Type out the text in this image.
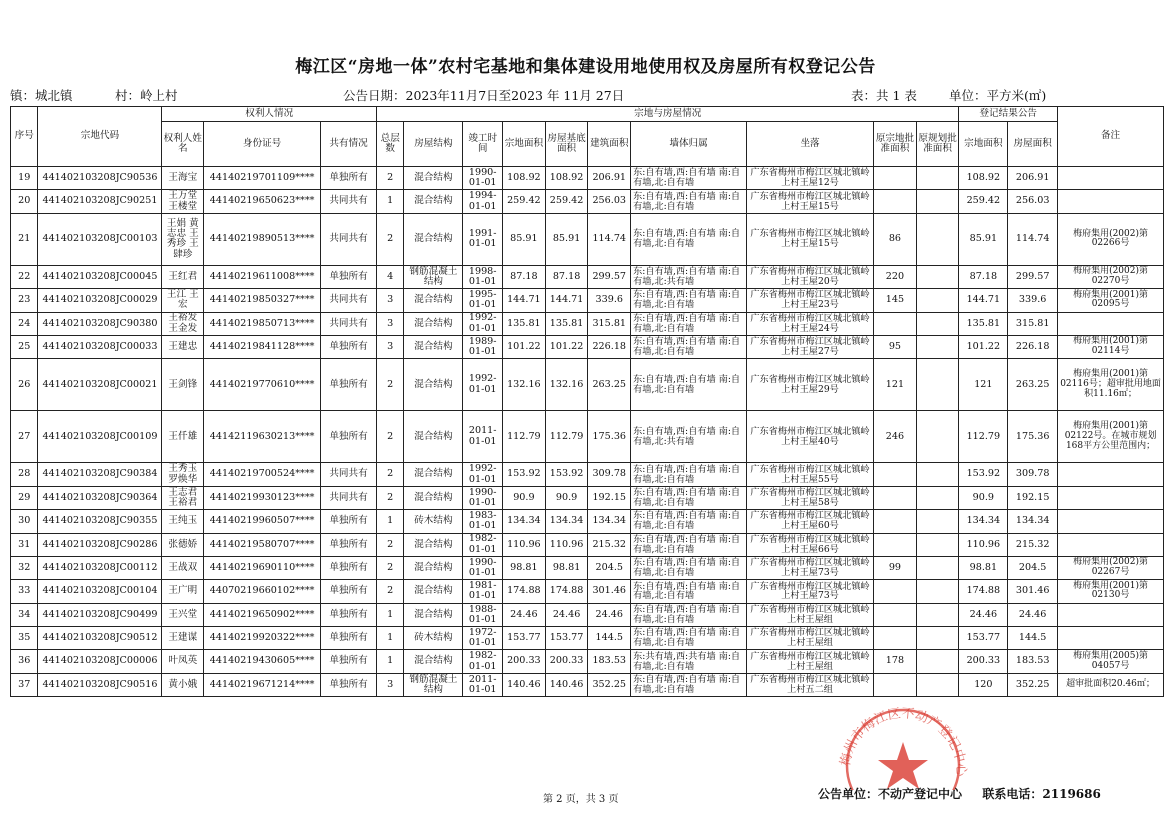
梅江区“房地一体”农村宅基地和集体建设用地使用权及房屋所有权登记公告
镇：城北镇	村：岭上村	公告日期：2023年11月7日至2023 年 11月 27日	表：共 1 表	单位：平方米(㎡)
序号	宗地代码	权利人情况			宗地与房屋情况										登记结果公告		备注
		权利人姓名	身份证号	共有情况	总层数	房屋结构	竣工时间	宗地面积	房屋基底面积	建筑面积	墙体归属	坐落	原宗地批准面积	原规划批准面积	宗地面积	房屋面积	
19	441402103208JC90536	王海宝	44140219701109****	单独所有	2	混合结构	1990-01-01	108.92	108.92	206.91	东:自有墙,西:自有墙 南:自有墙,北:自有墙	广东省梅州市梅江区城北镇岭上村王屋12号			108.92	206.91	
20	441402103208JC90251	王万堂 王楼堂	44140219650623****	共同共有	1	混合结构	1994-01-01	259.42	259.42	256.03	东:自有墙,西:自有墙 南:自有墙,北:自有墙	广东省梅州市梅江区城北镇岭上村王屋15号			259.42	256.03	
21	441402103208JC00103	王娟 黄志忠 王秀珍 王肆珍	44140219890513****	共同共有	2	混合结构	1991-01-01	85.91	85.91	114.74	东:自有墙,西:自有墙 南:自有墙,北:自有墙	广东省梅州市梅江区城北镇岭上村王屋15号	86		85.91	114.74	梅府集用(2002)第02266号
22	441402103208JC00045	王红君	44140219611008****	单独所有	4	钢筋混凝土结构	1998-01-01	87.18	87.18	299.57	东:自有墙,西:自有墙 南:自有墙,北:共有墙	广东省梅州市梅江区城北镇岭上村王屋20号	220		87.18	299.57	梅府集用(2002)第02270号
23	441402103208JC00029	王江 王宏	44140219850327****	共同共有	3	混合结构	1995-01-01	144.71	144.71	339.6	东:自有墙,西:自有墙 南:自有墙,北:自有墙	广东省梅州市梅江区城北镇岭上村王屋23号	145		144.71	339.6	梅府集用(2001)第02095号
24	441402103208JC90380	王裕发 王金发	44140219850713****	共同共有	3	混合结构	1992-01-01	135.81	135.81	315.81	东:自有墙,西:自有墙 南:自有墙,北:自有墙	广东省梅州市梅江区城北镇岭上村王屋24号			135.81	315.81	
25	441402103208JC00033	王建忠	44140219841128****	单独所有	3	混合结构	1989-01-01	101.22	101.22	226.18	东:自有墙,西:自有墙 南:自有墙,北:自有墙	广东省梅州市梅江区城北镇岭上村王屋27号	95		101.22	226.18	梅府集用(2001)第02114号
26	441402103208JC00021	王剑锋	44140219770610****	单独所有	2	混合结构	1992-01-01	132.16	132.16	263.25	东:自有墙,西:自有墙 南:自有墙,北:自有墙	广东省梅州市梅江区城北镇岭上村王屋29号	121		121	263.25	梅府集用(2001)第02116号；超审批用地面积11.16㎡；
27	441402103208JC00109	王仟雄	44142119630213****	单独所有	2	混合结构	2011-01-01	112.79	112.79	175.36	东:自有墙,西:自有墙 南:自有墙,北:共有墙	广东省梅州市梅江区城北镇岭上村王屋40号	246		112.79	175.36	梅府集用(2001)第02122号。在城市规划168平方公里范围内；
28	441402103208JC90384	王秀玉 罗焕华	44140219700524****	共同共有	2	混合结构	1992-01-01	153.92	153.92	309.78	东:自有墙,西:自有墙 南:自有墙,北:自有墙	广东省梅州市梅江区城北镇岭上村王屋55号			153.92	309.78	
29	441402103208JC90364	王志君 王裕君	44140219930123****	共同共有	2	混合结构	1990-01-01	90.9	90.9	192.15	东:自有墙,西:自有墙 南:自有墙,北:自有墙	广东省梅州市梅江区城北镇岭上村王屋58号			90.9	192.15	
30	441402103208JC90355	王纯玉	44140219960507****	单独所有	1	砖木结构	1983-01-01	134.34	134.34	134.34	东:自有墙,西:自有墙 南:自有墙,北:自有墙	广东省梅州市梅江区城北镇岭上村王屋60号			134.34	134.34	
31	441402103208JC90286	张德娇	44140219580707****	单独所有	2	混合结构	1982-01-01	110.96	110.96	215.32	东:自有墙,西:自有墙 南:自有墙,北:自有墙	广东省梅州市梅江区城北镇岭上村王屋66号			110.96	215.32	
32	441402103208JC00112	王战双	44140219690110****	单独所有	2	混合结构	1990-01-01	98.81	98.81	204.5	东:自有墙,西:自有墙 南:自有墙,北:自有墙	广东省梅州市梅江区城北镇岭上村王屋73号	99		98.81	204.5	梅府集用(2002)第02267号
33	441402103208JC00104	王广明	44070219660102****	单独所有	2	混合结构	1981-01-01	174.88	174.88	301.46	东:自有墙,西:自有墙 南:自有墙,北:自有墙	广东省梅州市梅江区城北镇岭上村王屋73号			174.88	301.46	梅府集用(2001)第02130号
34	441402103208JC90499	王兴堂	44140219650902****	单独所有	1	混合结构	1988-01-01	24.46	24.46	24.46	东:自有墙,西:自有墙 南:自有墙,北:自有墙	广东省梅州市梅江区城北镇岭上村王屋组			24.46	24.46	
35	441402103208JC90512	王建谋	44140219920322****	单独所有	1	砖木结构	1972-01-01	153.77	153.77	144.5	东:自有墙,西:自有墙 南:自有墙,北:自有墙	广东省梅州市梅江区城北镇岭上村王屋组			153.77	144.5	
36	441402103208JC00006	叶凤英	44140219430605****	单独所有	1	混合结构	1982-01-01	200.33	200.33	183.53	东:共有墙,西:共有墙 南:自有墙,北:自有墙	广东省梅州市梅江区城北镇岭上村王屋组	178		200.33	183.53	梅府集用(2005)第04057号
37	441402103208JC90516	黄小娥	44140219671214****	单独所有	3	钢筋混凝土结构	2011-01-01	140.46	140.46	352.25	东:自有墙,西:自有墙 南:自有墙,北:自有墙	广东省梅州市梅江区城北镇岭上村五二组			120	352.25	超审批面积20.46㎡；
梅州市梅江区不动产登记中心
第 2 页，共 3 页	公告单位：不动产登记中心 联系电话：2119686
